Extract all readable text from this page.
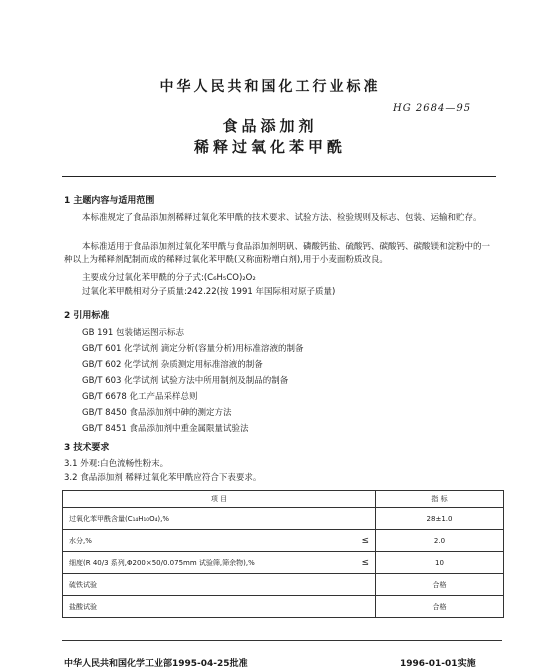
中华人民共和国化工行业标准
HG 2684—95
食品添加剂
稀释过氧化苯甲酰
1 主题内容与适用范围
本标准规定了食品添加剂稀释过氧化苯甲酰的技术要求、试验方法、检验规则及标志、包装、运输和贮存。
本标准适用于食品添加剂过氧化苯甲酰与食品添加剂明矾、磷酸钙盐、硫酸钙、碳酸钙、碳酸镁和淀粉中的一种以上为稀释剂配制而成的稀释过氧化苯甲酰(又称面粉增白剂),用于小麦面粉质改良。
主要成分过氧化苯甲酰的分子式:(C₆H₅CO)₂O₂
过氧化苯甲酰相对分子质量:242.22(按 1991 年国际相对原子质量)
2 引用标准
GB 191 包装储运图示标志
GB/T 601 化学试剂 滴定分析(容量分析)用标准溶液的制备
GB/T 602 化学试剂 杂质测定用标准溶液的制备
GB/T 603 化学试剂 试验方法中所用制剂及制品的制备
GB/T 6678 化工产品采样总则
GB/T 8450 食品添加剂中砷的测定方法
GB/T 8451 食品添加剂中重金属限量试验法
3 技术要求
3.1 外观:白色流畅性粉末。
3.2 食品添加剂 稀释过氧化苯甲酰应符合下表要求。
项 目	指 标
过氧化苯甲酰含量(C₁₄H₁₀O₄),%	28±1.0
水分,% ≤	2.0
细度(R 40/3 系列,Φ200×50/0.075mm 试验筛,筛余物),% ≤	10
硫铁试验	合格
盐酸试验	合格
中华人民共和国化学工业部1995-04-25批准	1996-01-01实施
